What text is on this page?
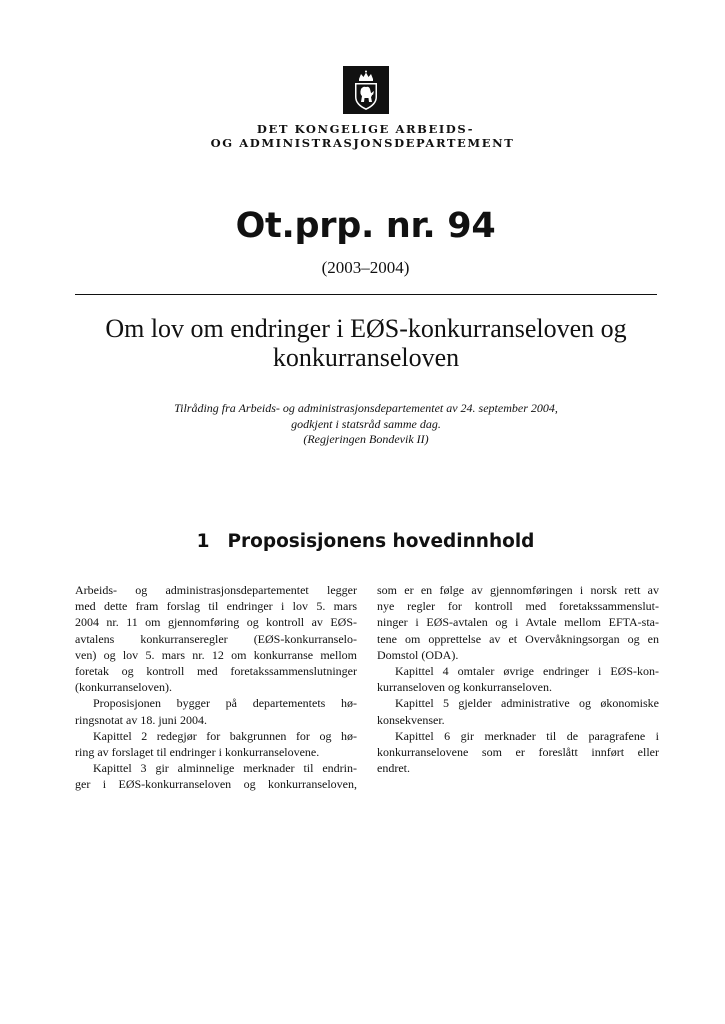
DET KONGELIGE ARBEIDS-
OG ADMINISTRASJONSDEPARTEMENT
Ot.prp. nr. 94
(2003–2004)
Om lov om endringer i EØS-konkurranseloven og
konkurranseloven
Tilråding fra Arbeids- og administrasjonsdepartementet av 24. september 2004,
godkjent i statsråd samme dag.
(Regjeringen Bondevik II)
1 Proposisjonens hovedinnhold
Arbeids- og administrasjonsdepartementet legger
med dette fram forslag til endringer i lov 5. mars
2004 nr. 11 om gjennomføring og kontroll av EØS-
avtalens konkurranseregler (EØS-konkurranselo-
ven) og lov 5. mars nr. 12 om konkurranse mellom
foretak og kontroll med foretakssammenslutninger
(konkurranseloven).
Proposisjonen bygger på departementets hø-
ringsnotat av 18. juni 2004.
Kapittel 2 redegjør for bakgrunnen for og hø-
ring av forslaget til endringer i konkurranselovene.
Kapittel 3 gir alminnelige merknader til endrin-
ger i EØS-konkurranseloven og konkurranseloven,
som er en følge av gjennomføringen i norsk rett av
nye regler for kontroll med foretakssammenslut-
ninger i EØS-avtalen og i Avtale mellom EFTA-sta-
tene om opprettelse av et Overvåkningsorgan og en
Domstol (ODA).
Kapittel 4 omtaler øvrige endringer i EØS-kon-
kurranseloven og konkurranseloven.
Kapittel 5 gjelder administrative og økonomiske
konsekvenser.
Kapittel 6 gir merknader til de paragrafene i
konkurranselovene som er foreslått innført eller
endret.
